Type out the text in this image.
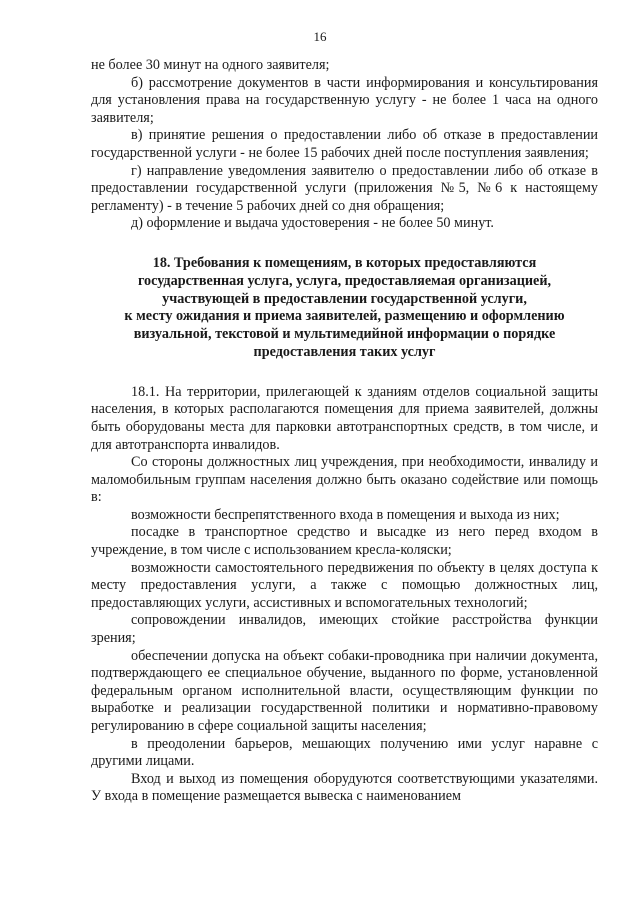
16

не более 30 минут на одного заявителя;

б) рассмотрение документов в части информирования и консультирования для установления права на государственную услугу - не более 1 часа на одного заявителя;

в) принятие решения о предоставлении либо об отказе в предоставлении государственной услуги - не более 15 рабочих дней после поступления заявления;

г) направление уведомления заявителю о предоставлении либо об отказе в предоставлении государственной услуги (приложения №5, №6 к настоящему регламенту) - в течение 5 рабочих дней со дня обращения;

д) оформление и выдача удостоверения - не более 50 минут.

18. Требования к помещениям, в которых предоставляются
государственная услуга, услуга, предоставляемая организацией,
участвующей в предоставлении государственной услуги,
к месту ожидания и приема заявителей, размещению и оформлению
визуальной, текстовой и мультимедийной информации о порядке
предоставления таких услуг

18.1. На территории, прилегающей к зданиям отделов социальной защиты населения, в которых располагаются помещения для приема заявителей, должны быть оборудованы места для парковки автотранспортных средств, в том числе, и для автотранспорта инвалидов.

Со стороны должностных лиц учреждения, при необходимости, инвалиду и маломобильным группам населения должно быть оказано содействие или помощь в:

возможности беспрепятственного входа в помещения и выхода из них;

посадке в транспортное средство и высадке из него перед входом в учреждение, в том числе с использованием кресла-коляски;

возможности самостоятельного передвижения по объекту в целях доступа к месту предоставления услуги, а также с помощью должностных лиц, предоставляющих услуги, ассистивных и вспомогательных технологий;

сопровождении инвалидов, имеющих стойкие расстройства функции зрения;

обеспечении допуска на объект собаки-проводника при наличии документа, подтверждающего ее специальное обучение, выданного по форме, установленной федеральным органом исполнительной власти, осуществляющим функции по выработке и реализации государственной политики и нормативно-правовому регулированию в сфере социальной защиты населения;

в преодолении барьеров, мешающих получению ими услуг наравне с другими лицами.

Вход и выход из помещения оборудуются соответствующими указателями. У входа в помещение размещается вывеска с наименованием
